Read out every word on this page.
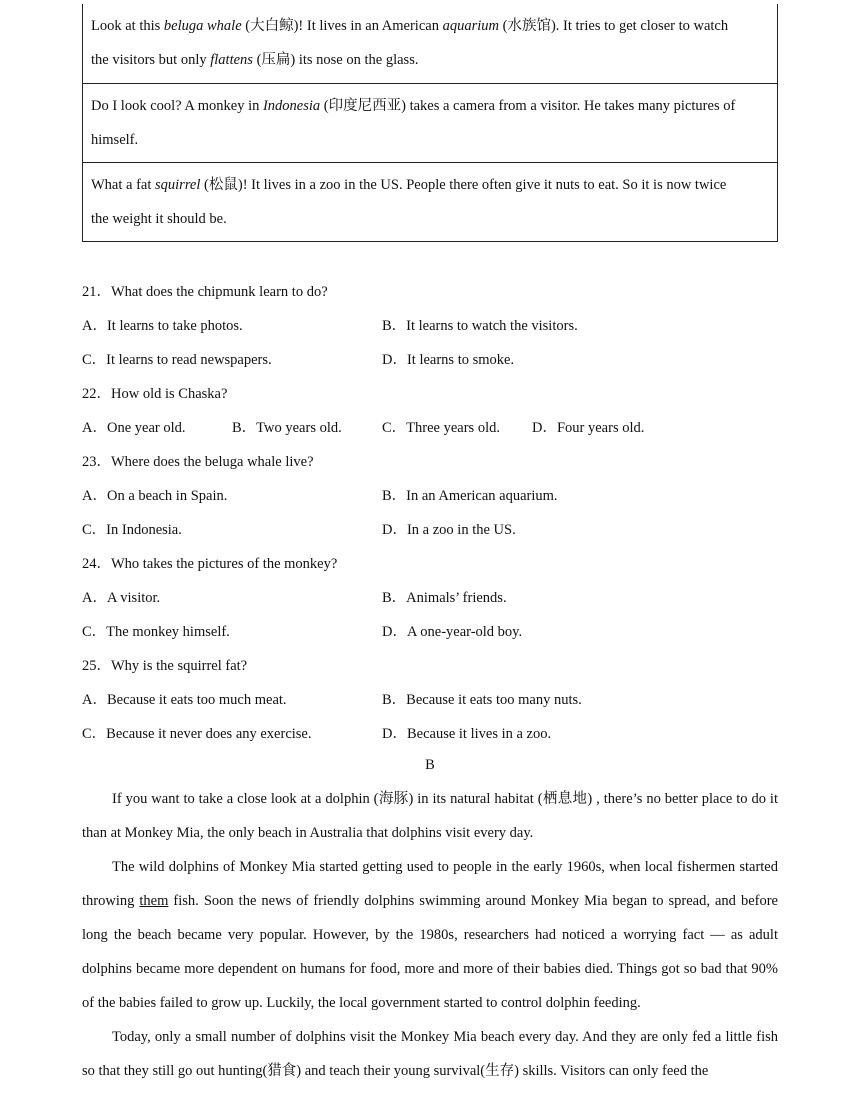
Look at this beluga whale (大白鲸)! It lives in an American aquarium (水族馆). It tries to get closer to watch
the visitors but only flattens (压扁) its nose on the glass.
Do I look cool? A monkey in Indonesia (印度尼西亚) takes a camera from a visitor. He takes many pictures of
himself.
What a fat squirrel (松鼠)! It lives in a zoo in the US. People there often give it nuts to eat. So it is now twice
the weight it should be.
21．What does the chipmunk learn to do?
A．It learns to take photos.	B．It learns to watch the visitors.
C．It learns to read newspapers.	D．It learns to smoke.
22．How old is Chaska?
A．One year old.	B．Two years old.	C．Three years old. D．Four years old.
23．Where does the beluga whale live?
A．On a beach in Spain.	B．In an American aquarium.
C．In Indonesia.	D．In a zoo in the US.
24．Who takes the pictures of the monkey?
A．A visitor.	B．Animals’ friends.
C．The monkey himself.	D．A one-year-old boy.
25．Why is the squirrel fat?
A．Because it eats too much meat.	B．Because it eats too many nuts.
C．Because it never does any exercise.	D．Because it lives in a zoo.
B
If you want to take a close look at a dolphin (海豚) in its natural habitat (栖息地) , there’s no better place to do it than at Monkey Mia, the only beach in Australia that dolphins visit every day.
The wild dolphins of Monkey Mia started getting used to people in the early 1960s, when local fishermen started throwing them fish. Soon the news of friendly dolphins swimming around Monkey Mia began to spread, and before long the beach became very popular. However, by the 1980s, researchers had noticed a worrying fact — as adult dolphins became more dependent on humans for food, more and more of their babies died. Things got so bad that 90% of the babies failed to grow up. Luckily, the local government started to control dolphin feeding.
Today, only a small number of dolphins visit the Monkey Mia beach every day. And they are only fed a little fish so that they still go out hunting(猎食) and teach their young survival(生存) skills. Visitors can only feed the
